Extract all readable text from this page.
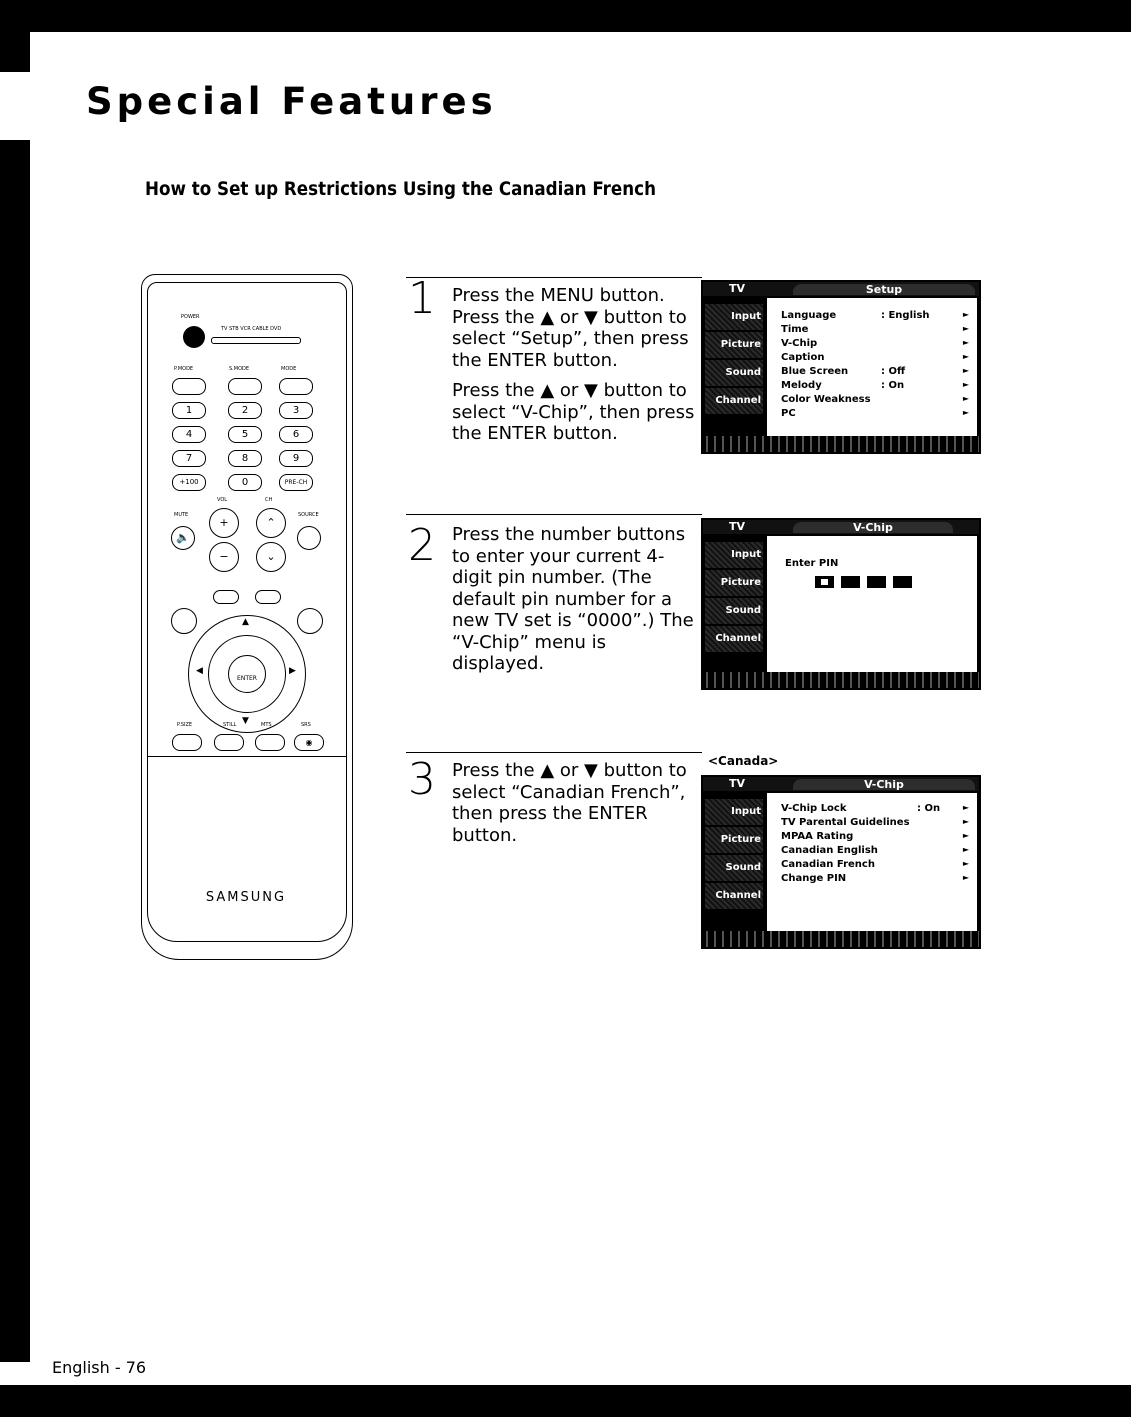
Special Features
How to Set up Restrictions Using the Canadian French
POWER
TV STB VCR CABLE DVD
P.MODE	S.MODE	MODE
1	2	3
4	5	6
7	8	9
+100	0	PRE-CH
VOL	CH
MUTE	SOURCE
🔈
+
−
⌃
⌄
ENTER
▲
▼
◀	▶
P.SIZE	STILL	MTS	SRS
◉
SAMSUNG
1 Press the MENU button. Press the ▲ or ▼ button to select “Setup”, then press the ENTER button.

Press the ▲ or ▼ button to select “V-Chip”, then press the ENTER button.

2 Press the number buttons to enter your current 4-digit pin number. (The default pin number for a new TV set is “0000”.) The “V-Chip” menu is displayed.

3 Press the ▲ or ▼ button to select “Canadian French”, then press the ENTER button.

TV	Setup
Input
Picture
Sound
Channel
Language	: English	►
Time	►
V-Chip	►
Caption	►
Blue Screen	: Off	►
Melody	: On	►
Color Weakness	►
PC	►
TV	V-Chip
Input
Picture
Sound
Channel
Enter PIN
<Canada>
TV	V-Chip
Input
Picture
Sound
Channel
V-Chip Lock	: On	►
TV Parental Guidelines	►
MPAA Rating	►
Canadian English	►
Canadian French	►
Change PIN	►
English - 76
